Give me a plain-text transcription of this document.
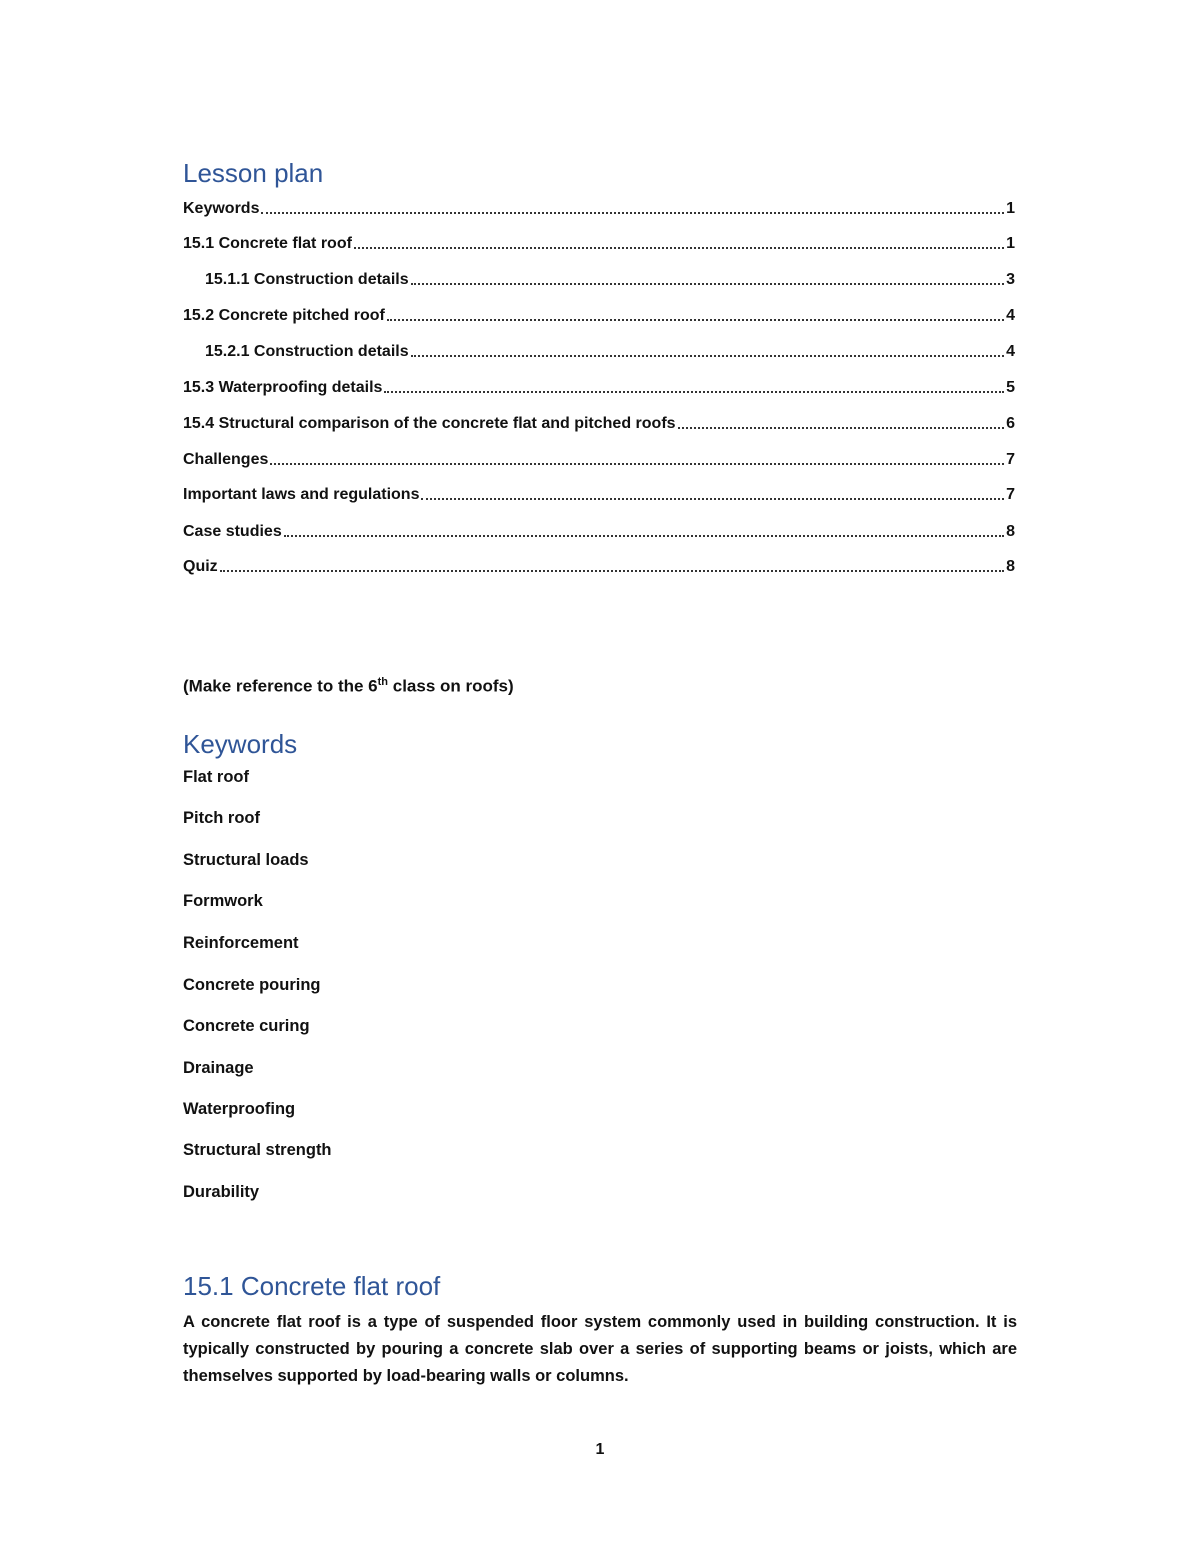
Lesson plan
Keywords	1
15.1 Concrete flat roof	1
15.1.1 Construction details	3
15.2 Concrete pitched roof	4
15.2.1 Construction details	4
15.3 Waterproofing details	5
15.4 Structural comparison of the concrete flat and pitched roofs	6
Challenges	7
Important laws and regulations	7
Case studies	8
Quiz	8

(Make reference to the 6th class on roofs)

Keywords
Flat roof
Pitch roof
Structural loads
Formwork
Reinforcement
Concrete pouring
Concrete curing
Drainage
Waterproofing
Structural strength
Durability
15.1 Concrete flat roof

A concrete flat roof is a type of suspended floor system commonly used in building construction. It is typically constructed by pouring a concrete slab over a series of supporting beams or joists, which are themselves supported by load-bearing walls or columns.

1
